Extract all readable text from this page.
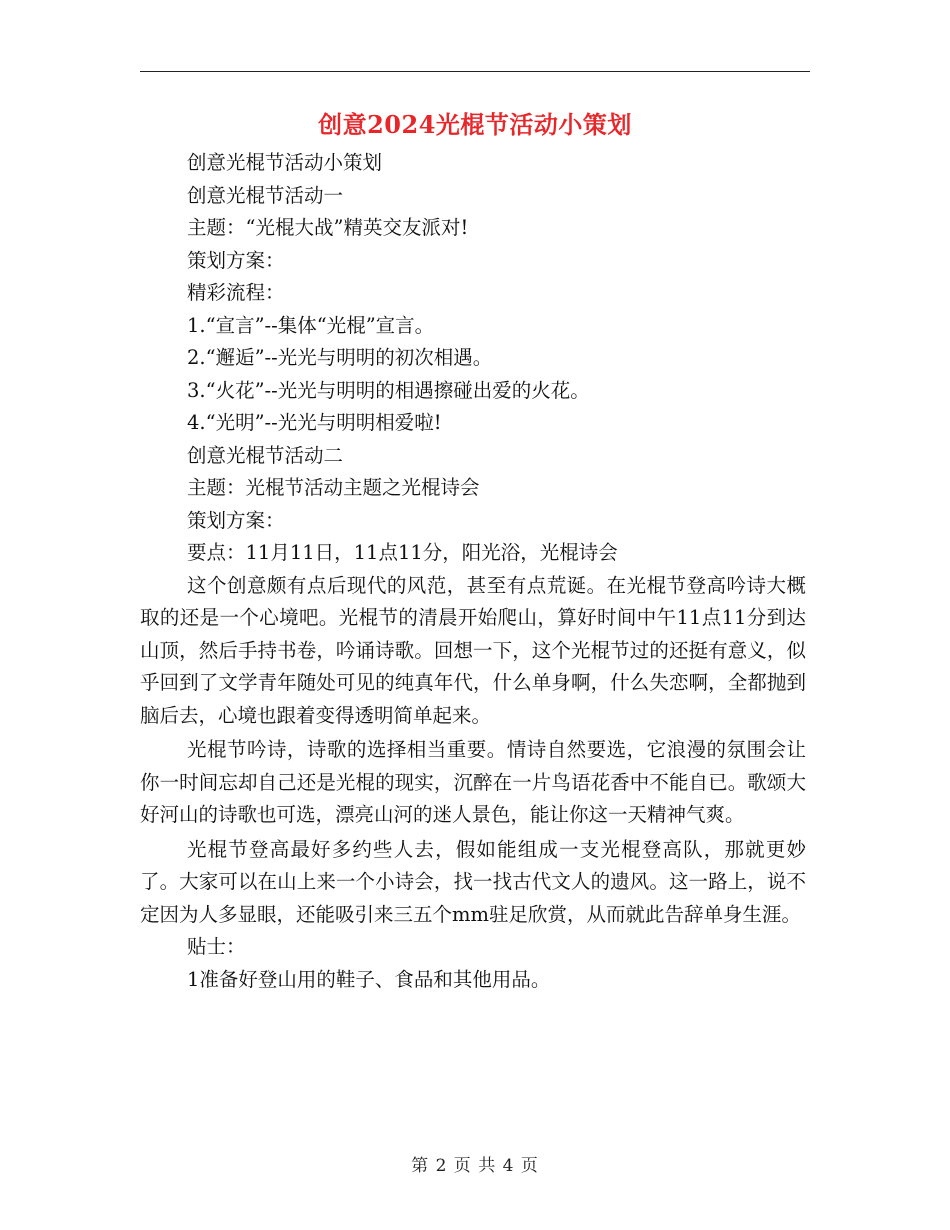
创意2024光棍节活动小策划

创意光棍节活动小策划

创意光棍节活动一

主题：“光棍大战”精英交友派对!

策划方案：

精彩流程：

1.“宣言”--集体“光棍”宣言。

2.“邂逅”--光光与明明的初次相遇。

3.“火花”--光光与明明的相遇擦碰出爱的火花。

4.“光明”--光光与明明相爱啦!

创意光棍节活动二

主题：光棍节活动主题之光棍诗会

策划方案：

要点：11月11日，11点11分，阳光浴，光棍诗会

这个创意颇有点后现代的风范，甚至有点荒诞。在光棍节登高吟诗大概取的还是一个心境吧。光棍节的清晨开始爬山，算好时间中午11点11分到达山顶，然后手持书卷，吟诵诗歌。回想一下，这个光棍节过的还挺有意义，似乎回到了文学青年随处可见的纯真年代，什么单身啊，什么失恋啊，全都抛到脑后去，心境也跟着变得透明简单起来。

光棍节吟诗，诗歌的选择相当重要。情诗自然要选，它浪漫的氛围会让你一时间忘却自己还是光棍的现实，沉醉在一片鸟语花香中不能自已。歌颂大好河山的诗歌也可选，漂亮山河的迷人景色，能让你这一天精神气爽。

光棍节登高最好多约些人去，假如能组成一支光棍登高队，那就更妙了。大家可以在山上来一个小诗会，找一找古代文人的遗风。这一路上，说不定因为人多显眼，还能吸引来三五个mm驻足欣赏，从而就此告辞单身生涯。

贴士：

1准备好登山用的鞋子、食品和其他用品。

第 2 页 共 4 页
